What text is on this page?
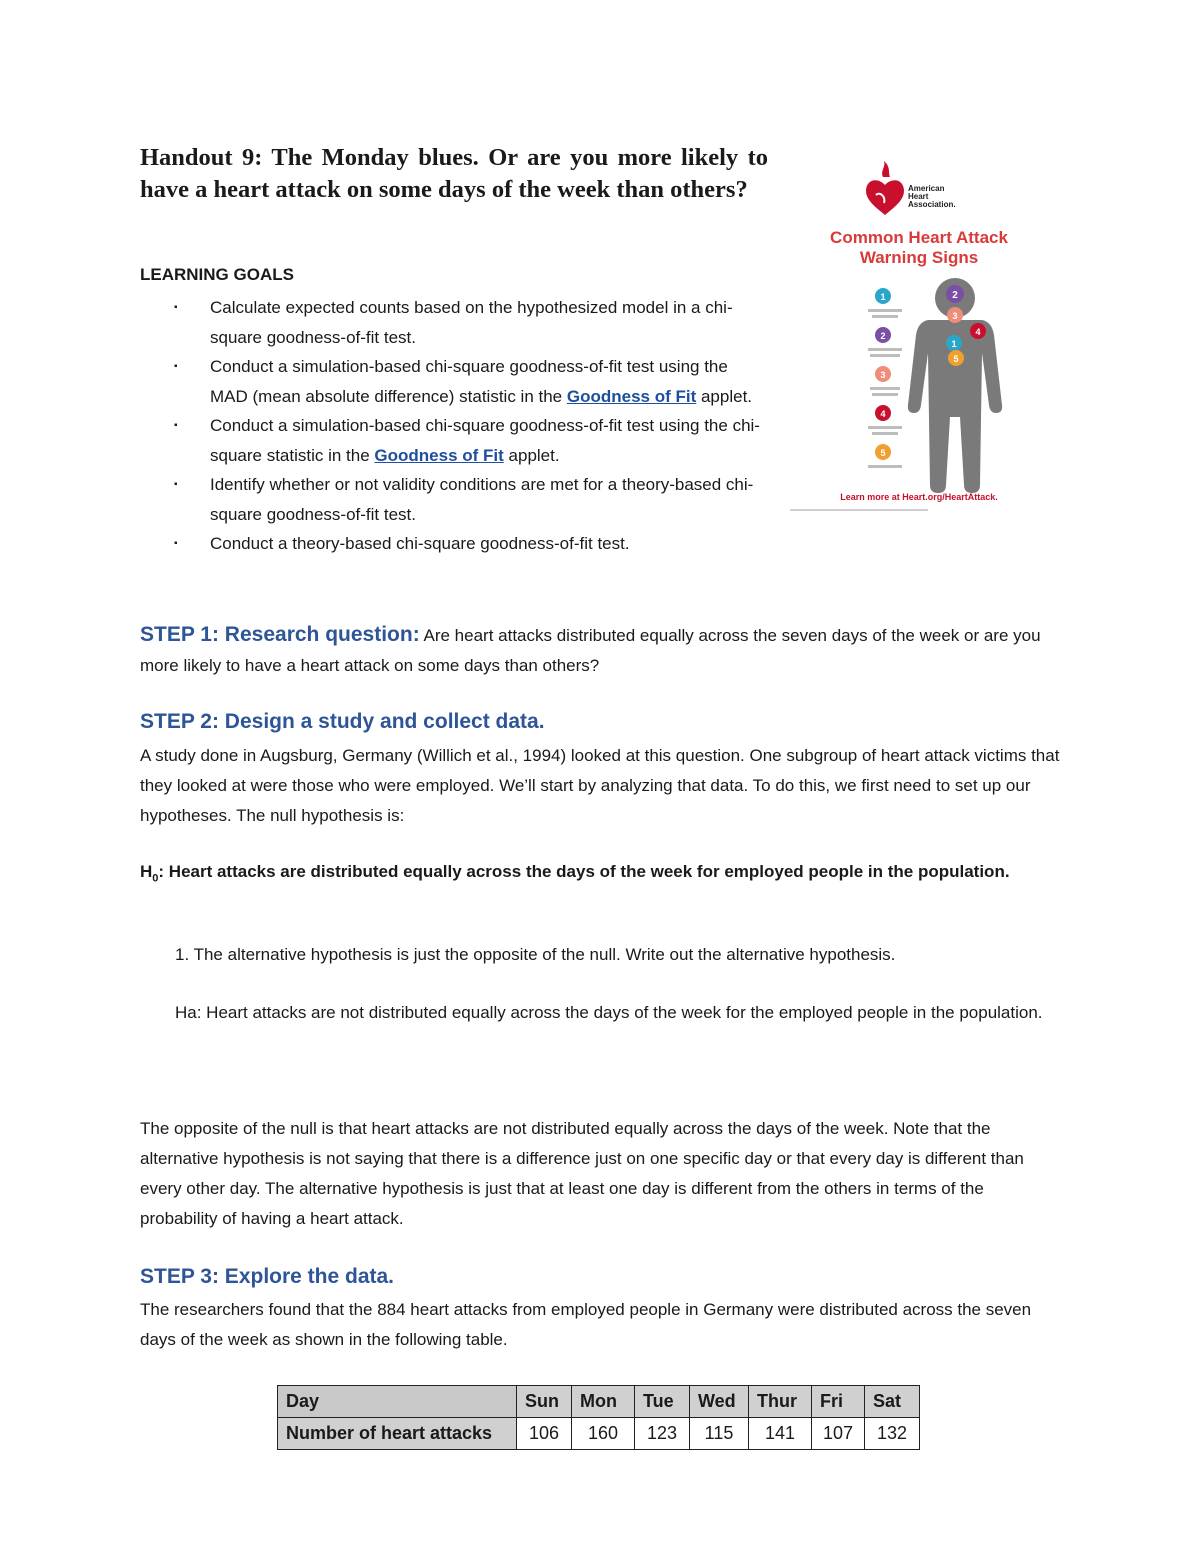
Handout 9: The Monday blues. Or are you more likely to have a heart attack on some days of the week than others?

LEARNING GOALS

▪ Calculate expected counts based on the hypothesized model in a chi-square goodness-of-fit test.
▪ Conduct a simulation-based chi-square goodness-of-fit test using the MAD (mean absolute difference) statistic in the Goodness of Fit applet.
▪ Conduct a simulation-based chi-square goodness-of-fit test using the chi-square statistic in the Goodness of Fit applet.
▪ Identify whether or not validity conditions are met for a theory-based chi-square goodness-of-fit test.
▪ Conduct a theory-based chi-square goodness-of-fit test.
American
Heart
Association.
Common Heart Attack
Warning Signs
2
3
4
1
5
1
2
3
4
5
Learn more at Heart.org/HeartAttack.

STEP 1: Research question: Are heart attacks distributed equally across the seven days of the week or are you more likely to have a heart attack on some days than others?

STEP 2: Design a study and collect data.

A study done in Augsburg, Germany (Willich et al., 1994) looked at this question. One subgroup of heart attack victims that they looked at were those who were employed. We’ll start by analyzing that data. To do this, we first need to set up our hypotheses. The null hypothesis is:

$H_0$: Heart attacks are distributed equally across the days of the week for employed people in the population.

1. The alternative hypothesis is just the opposite of the null. Write out the alternative hypothesis.

Ha: Heart attacks are not distributed equally across the days of the week for the employed people in the population.

The opposite of the null is that heart attacks are not distributed equally across the days of the week. Note that the alternative hypothesis is not saying that there is a difference just on one specific day or that every day is different than every other day. The alternative hypothesis is just that at least one day is different from the others in terms of the probability of having a heart attack.

STEP 3: Explore the data.

The researchers found that the 884 heart attacks from employed people in Germany were distributed across the seven days of the week as shown in the following table.

Day	Sun	Mon	Tue	Wed	Thur	Fri	Sat
Number of heart attacks	106	160	123	115	141	107	132
